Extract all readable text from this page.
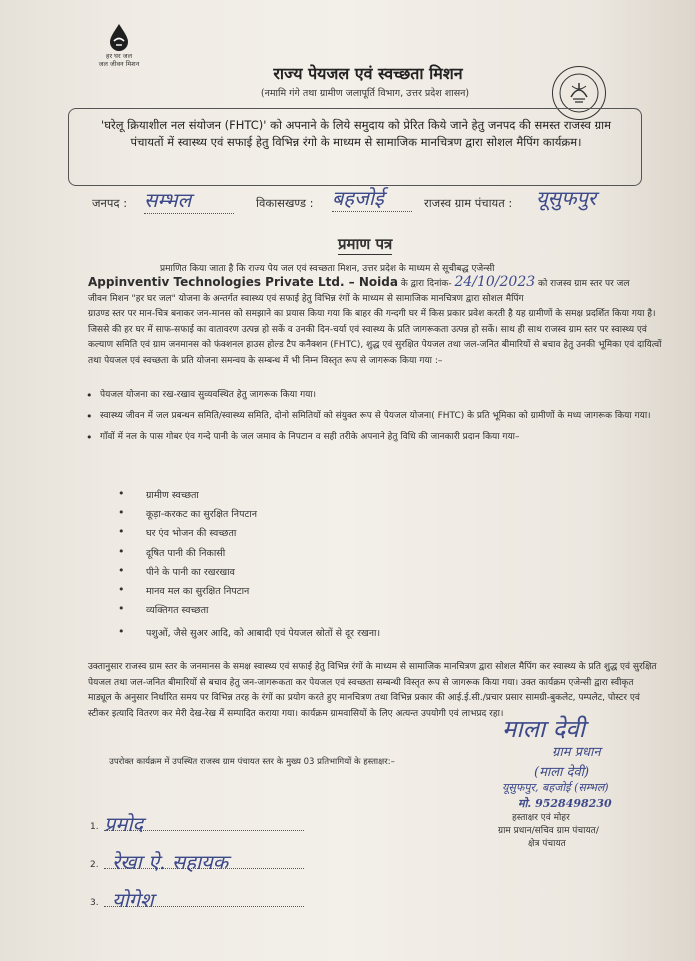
हर घर जल
जल जीवन मिशन	राज्य पेयजल एवं स्वच्छता मिशन
(नमामि गंगे तथा ग्रामीण जलापूर्ति विभाग, उत्तर प्रदेश शासन)
'घरेलू क्रियाशील नल संयोजन (FHTC)' को अपनाने के लिये समुदाय को प्रेरित किये जाने हेतु जनपद की समस्त राजस्व ग्राम पंचायतों में स्वास्थ्य एवं सफाई हेतु विभिन्न रंगो के माध्यम से सामाजिक मानचित्रण द्वारा सोशल मैपिंग कार्यक्रम।
जनपद : सम्भल	विकासखण्ड : बहजोई	राजस्व ग्राम पंचायत : यूसुफपुर
प्रमाण पत्र
प्रमाणित किया जाता है कि राज्य पेय जल एवं स्वच्छता मिशन, उत्तर प्रदेश के माध्यम से सूचीबद्ध एजेन्सी
Appinventiv Technologies Private Ltd. – Noida के द्वारा दिनांक- 24/10/2023 को राजस्व ग्राम स्तर पर जल
जीवन मिशन "हर घर जल" योजना के अन्तर्गत स्वास्थ्य एवं सफाई हेतु विभिन्न रंगों के माध्यम से सामाजिक मानचित्रण द्वारा सोशल मैपिंग
ग्राउण्ड स्तर पर मान-चित्र बनाकर जन-मानस को समझाने का प्रयास किया गया कि बाहर की गन्दगी घर में किस प्रकार प्रवेश करती है यह ग्रामीणों के समक्ष प्रदर्शित किया गया है। जिससे की हर घर में साफ-सफाई का वातावरण उत्पन्न हो सकें व उनकी दिन-चर्या एवं स्वास्थ्य के प्रति जागरूकता उत्पन्न हो सकें। साथ ही साथ राजस्व ग्राम स्तर पर स्वास्थ्य एवं कल्याण समिति एवं ग्राम जनमानस को फंक्शनल हाउस होल्ड टैप कनैक्शन (FHTC), शुद्ध एवं सुरक्षित पेयजल तथा जल-जनित बीमारियों से बचाव हेतु उनकी भूमिका एवं दायित्वों तथा पेयजल एवं स्वच्छता के प्रति योजना समन्वय के सम्बन्ध में भी निम्न विस्तृत रूप से जागरूक किया गया :–
• पेयजल योजना का रख-रखाव सुव्यवस्थित हेतु जागरूक किया गया।
• स्वास्थ्य जीवन में जल प्रबन्धन समिति/स्वास्थ्य समिति, दोनो समितियों को संयुक्त रूप से पेयजल योजना( FHTC) के प्रति भूमिका को ग्रामीणों के मध्य जागरूक किया गया।
• गाँवों में नल के पास गोबर एंव गन्दे पानी के जल जमाव के निपटान व सही तरीके अपनाने हेतु विधि की जानकारी प्रदान किया गया–
• ग्रामीण स्वच्छता
• कूड़ा-करकट का सुरक्षित निपटान
• घर एंव भोजन की स्वच्छता
• दूषित पानी की निकासी
• पीने के पानी का रखरखाव
• मानव मल का सुरक्षित निपटान
• व्यक्तिगत स्वच्छता
• पशुओं, जैसे सुअर आदि, को आबादी एवं पेयजल स्रोतों से दूर रखना।
उक्तानुसार राजस्व ग्राम स्तर के जनमानस के समक्ष स्वास्थ्य एवं सफाई हेतु विभिन्न रंगों के माध्यम से सामाजिक मानचित्रण द्वारा सोशल मैपिंग कर स्वास्थ्य के प्रति शुद्ध एवं सुरक्षित पेयजल तथा जल-जनित बीमारियों से बचाव हेतु जन-जागरूकता कर पेयजल एवं स्वच्छता सम्बन्धी विस्तृत रूप से जागरूक किया गया। उक्त कार्यक्रम एजेन्सी द्वारा स्वीकृत माड्यूल के अनुसार निर्धारित समय पर विभिन्न तरह के रंगों का प्रयोग करते हुए मानचित्रण तथा विभिन्न प्रकार की आई.ई.सी./प्रचार प्रसार सामग्री-बुकलेट, पम्पलेट, पोस्टर एवं स्टीकर इत्यादि वितरण कर मेरी देख-रेख में सम्पादित कराया गया। कार्यक्रम ग्रामवासियों के लिए अत्यन्त उपयोगी एवं लाभप्रद रहा।
उपरोक्त कार्यक्रम में उपस्थित राजस्व ग्राम पंचायत स्तर के मुख्य 03 प्रतिभागियों के हस्ताक्षर:–
माला देवी
ग्राम प्रधान
(माला देवी)
यूसुफपुर, बहजोई (सम्भल)
मो. 9528498230
हस्ताक्षर एवं मोहर
ग्राम प्रधान/सचिव ग्राम पंचायत/
क्षेत्र पंचायत
1. प्रमोद
2. रेखा ऐ. सहायक
3. योगेश
